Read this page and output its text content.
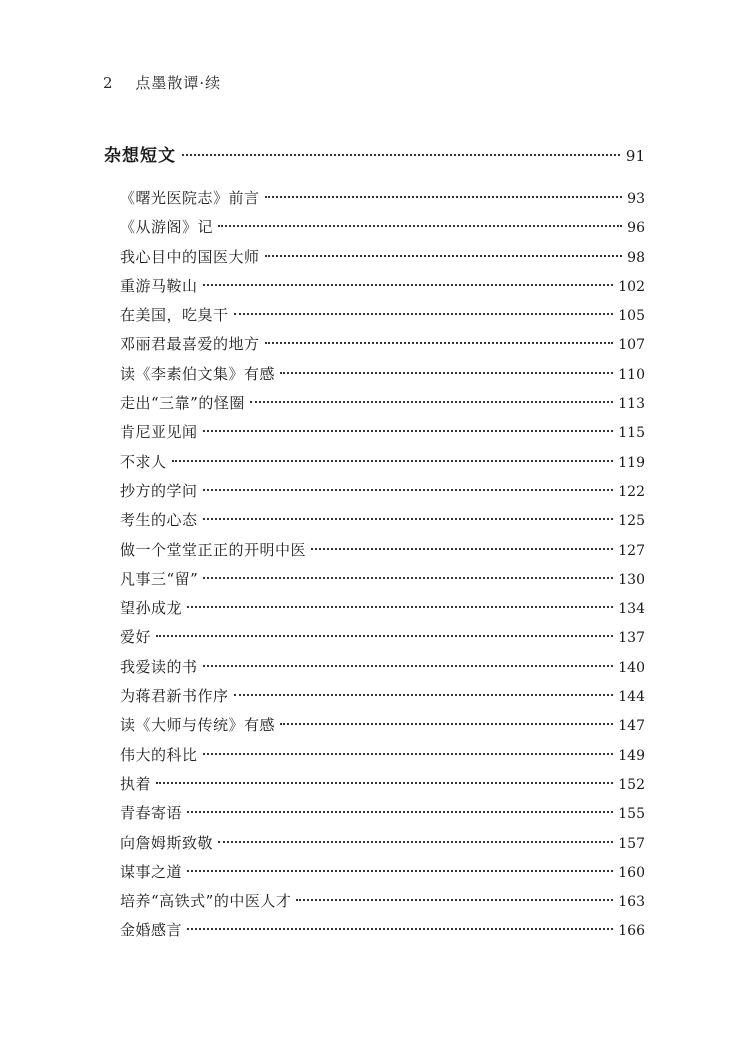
2 点墨散谭·续
杂想短文	91
《曙光医院志》前言	93
《从游阁》记	96
我心目中的国医大师	98
重游马鞍山	102
在美国，吃臭干	105
邓丽君最喜爱的地方	107
读《李素伯文集》有感	110
走出“三靠”的怪圈	113
肯尼亚见闻	115
不求人	119
抄方的学问	122
考生的心态	125
做一个堂堂正正的开明中医	127
凡事三“留”	130
望孙成龙	134
爱好	137
我爱读的书	140
为蒋君新书作序	144
读《大师与传统》有感	147
伟大的科比	149
执着	152
青春寄语	155
向詹姆斯致敬	157
谋事之道	160
培养“高铁式”的中医人才	163
金婚感言	166
